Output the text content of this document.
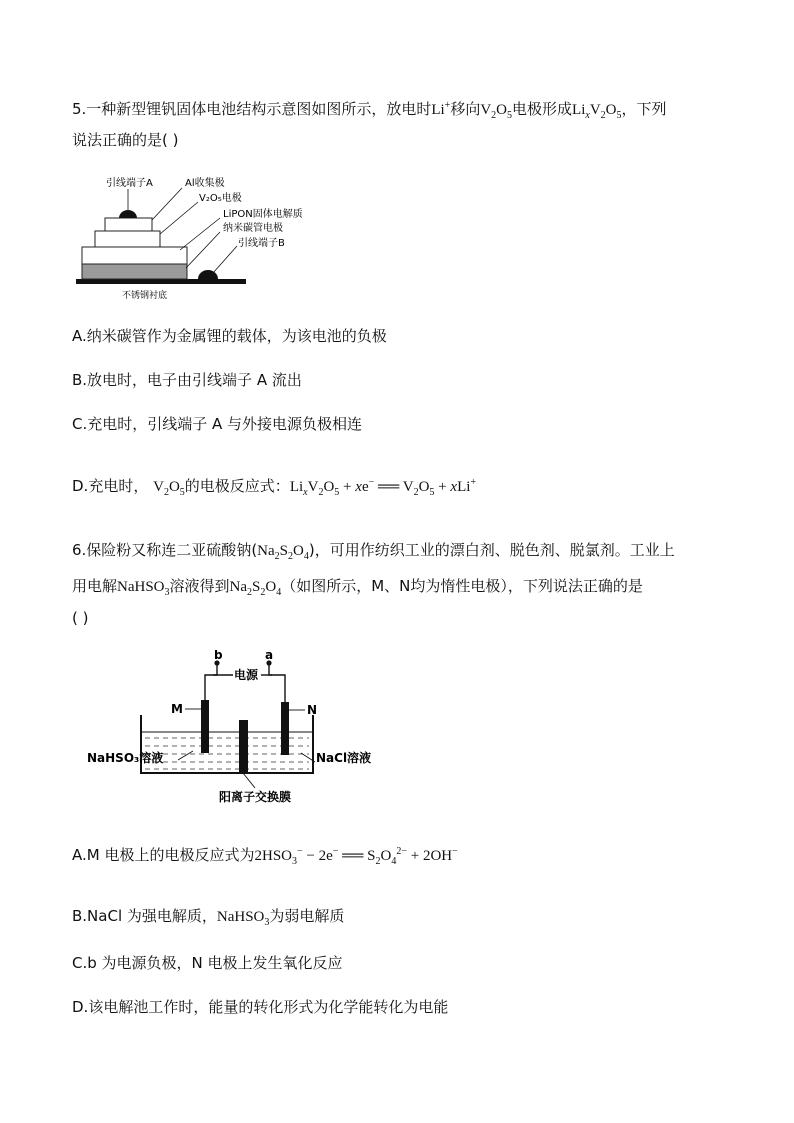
5.一种新型锂钒固体电池结构示意图如图所示，放电时Li+移向$V_2O_5$电极形成$Li_xV_2O_5$，下列
说法正确的是( )
引线端子A	Al收集极
V₂O₅电极
LiPON固体电解质
纳米碳管电极
引线端子B
不锈钢衬底
A.纳米碳管作为金属锂的载体，为该电池的负极
B.放电时，电子由引线端子 A 流出
C.充电时，引线端子 A 与外接电源负极相连
D.充电时， $V_2O_5$的电极反应式：$Li_xV_2O_5 + xe^-$ ══ $V_2O_5 + xLi^+$
6.保险粉又称连二亚硫酸钠$(Na_2S_2O_4)$，可用作纺织工业的漂白剂、脱色剂、脱氯剂。工业上
用电解NaHSO$_3$溶液得到$Na_2S_2O_4$（如图所示，M、N均为惰性电极），下列说法正确的是
( )
b	a
电源
M	N
NaHSO₃溶液	NaCl溶液
阳离子交换膜
A.M 电极上的电极反应式为$2HSO_3^- - 2e^-$ ══ $S_2O_4^{2-} + 2OH^-$
B.NaCl 为强电解质，NaHSO$_3$为弱电解质
C.b 为电源负极，N 电极上发生氧化反应
D.该电解池工作时，能量的转化形式为化学能转化为电能
